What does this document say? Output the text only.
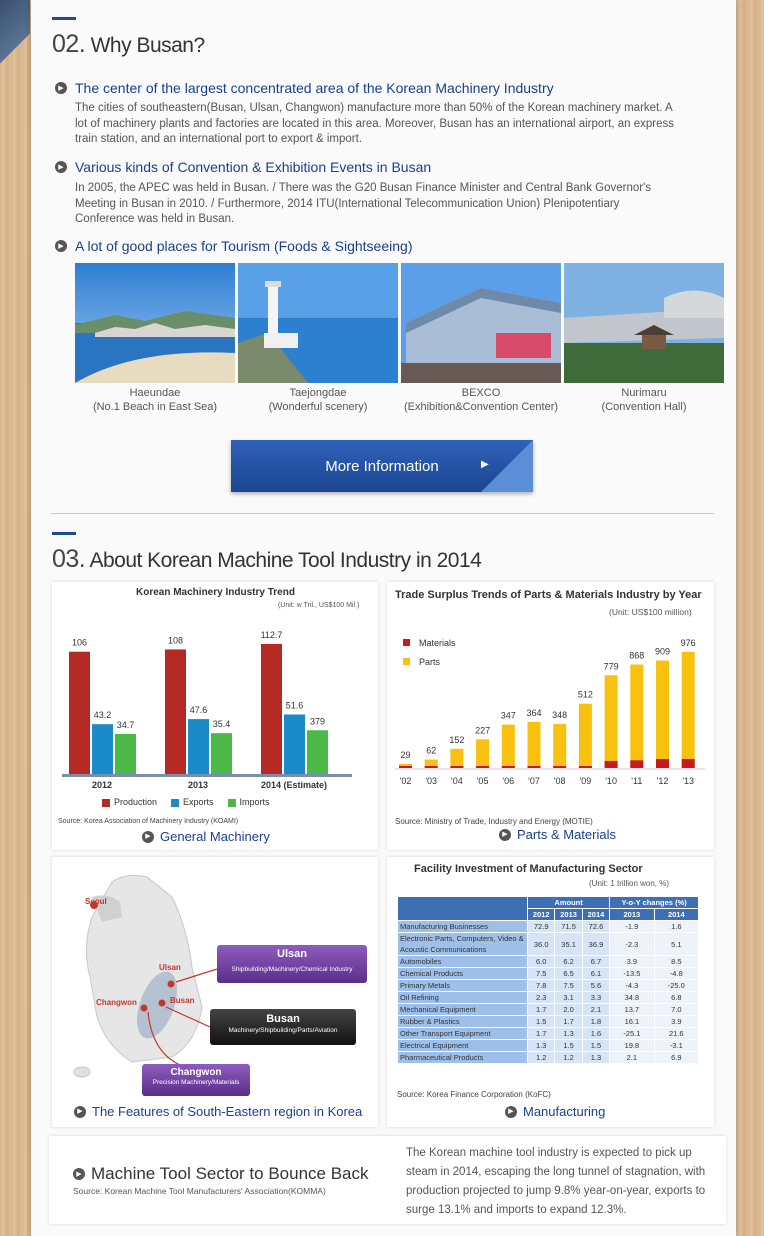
02. Why Busan?
▶ The center of the largest concentrated area of the Korean Machinery Industry
The cities of southeastern(Busan, Ulsan, Changwon) manufacture more than 50% of the Korean machinery market. A lot of machinery plants and factories are located in this area. Moreover, Busan has an international airport, an express train station, and an international port to export & import.
▶ Various kinds of Convention & Exhibition Events in Busan
In 2005, the APEC was held in Busan. / There was the G20 Busan Finance Minister and Central Bank Governor's Meeting in Busan in 2010. / Furthermore, 2014 ITU(International Telecommunication Union) Plenipotentiary Conference was held in Busan.
▶ A lot of good places for Tourism (Foods & Sightseeing)
Haeundae
(No.1 Beach in East Sea)
Taejongdae
(Wonderful scenery)
BEXCO
(Exhibition&Convention Center)
Nurimaru
(Convention Hall)
More Information	▶
03. About Korean Machine Tool Industry in 2014
Korean Machinery Industry Trend
(Unit: w Tril., US$100 Mil.)
106
43.2
34.7
2012
108
47.6
35.4
2013
112.7
51.6
379
2014 (Estimate)
Production	Exports	Imports
Source: Korea Association of Machinery Industry (KOAMI)
▶ General Machinery
Trade Surplus Trends of Parts & Materials Industry by Year
(Unit: US$100 million)
Materials
Parts
29
'02
62
'03
152
'04
227
'05
347
'06
364
'07
348
'08
512
'09
779
'10
868
'11
909
'12
976
'13
Source: Ministry of Trade, Industry and Energy (MOTIE)
▶ Parts & Materials
Seoul
Ulsan
Busan
Changwon
Ulsan
Shipbuilding/Machinery/Chemical Industry
Busan
Machinery/Shipbuilding/Parts/Aviation
Changwon
Precision Machinery/Materials
▶ The Features of South-Eastern region in Korea
Facility Investment of Manufacturing Sector
(Unit: 1 trillion won, %)
	Amount			Y-o-Y changes (%)	
	2012	2013	2014	2013	2014
Manufacturing Businesses	72.9	71.5	72.6	-1.9	1.6
Electronic Parts, Computers, Video & Acoustic Communications	36.0	35.1	36.9	-2.3	5.1
Automobiles	6.0	6.2	6.7	3.9	8.5
Chemical Products	7.5	6.5	6.1	-13.5	-4.8
Primary Metals	7.8	7.5	5.6	-4.3	-25.0
Oil Refining	2.3	3.1	3.3	34.8	6.8
Mechanical Equipment	1.7	2.0	2.1	13.7	7.0
Rubber & Plastics	1.5	1.7	1.8	16.1	3.9
Other Transport Equipment	1.7	1.3	1.6	-25.1	21.6
Electrical Equipment	1.3	1.5	1.5	19.8	-3.1
Pharmaceutical Products	1.2	1.2	1.3	2.1	6.9
Source: Korea Finance Corporation (KoFC)
▶ Manufacturing
▶ Machine Tool Sector to Bounce Back
Source: Korean Machine Tool Manufacturers' Association(KOMMA)
The Korean machine tool industry is expected to pick up steam in 2014, escaping the long tunnel of stagnation, with production projected to jump 9.8% year-on-year, exports to surge 13.1% and imports to expand 12.3%.
